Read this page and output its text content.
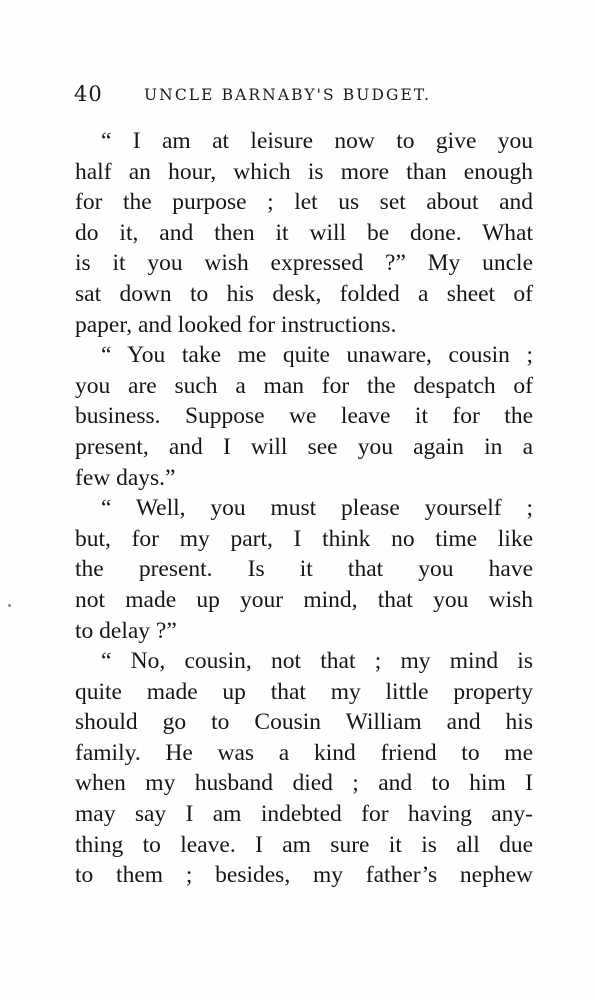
40	UNCLE BARNABY'S BUDGET.
“ I am at leisure now to give you
half an hour, which is more than enough
for the purpose ; let us set about and
do it, and then it will be done. What
is it you wish expressed ?” My uncle
sat down to his desk, folded a sheet of
paper, and looked for instructions.
“ You take me quite unaware, cousin ;
you are such a man for the despatch of
business. Suppose we leave it for the
present, and I will see you again in a
few days.”
“ Well, you must please yourself ;
but, for my part, I think no time like
the present. Is it that you have
not made up your mind, that you wish
to delay ?”
“ No, cousin, not that ; my mind is
quite made up that my little property
should go to Cousin William and his
family. He was a kind friend to me
when my husband died ; and to him I
may say I am indebted for having any-
thing to leave. I am sure it is all due
to them ; besides, my father’s nephew
